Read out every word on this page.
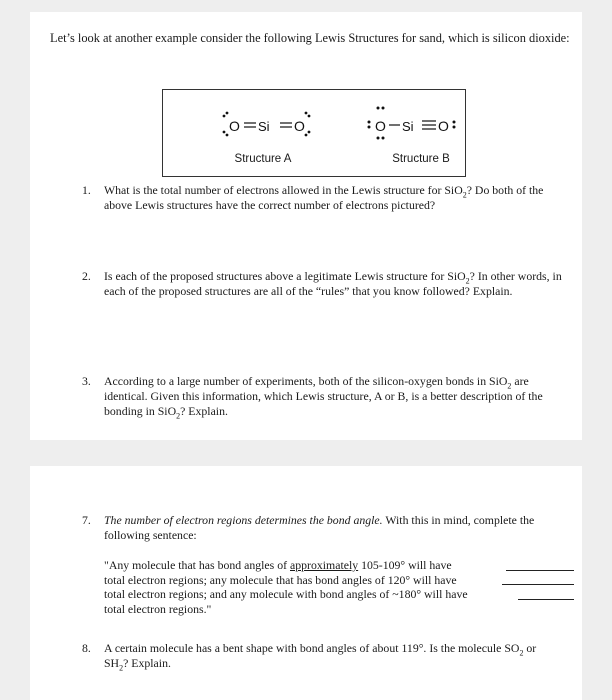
Let’s look at another example consider the following Lewis Structures for sand, which is silicon dioxide:

O Si O	O Si O
Structure A	Structure B

1. What is the total number of electrons allowed in the Lewis structure for SiO$_2$? Do both of the above Lewis structures have the correct number of electrons pictured?

2. Is each of the proposed structures above a legitimate Lewis structure for SiO$_2$? In other words, in each of the proposed structures are all of the “rules” that you know followed? Explain.

3. According to a large number of experiments, both of the silicon-oxygen bonds in SiO$_2$ are identical. Given this information, which Lewis structure, A or B, is a better description of the bonding in SiO$_2$? Explain.

7. The number of electron regions determines the bond angle. With this in mind, complete the following sentence:

"Any molecule that has bond angles of approximately 105-109° will have
total electron regions; any molecule that has bond angles of 120° will have
total electron regions; and any molecule with bond angles of ~180° will have
total electron regions."

8. A certain molecule has a bent shape with bond angles of about 119°. Is the molecule $SO_2$ or $SH_2$? Explain.
